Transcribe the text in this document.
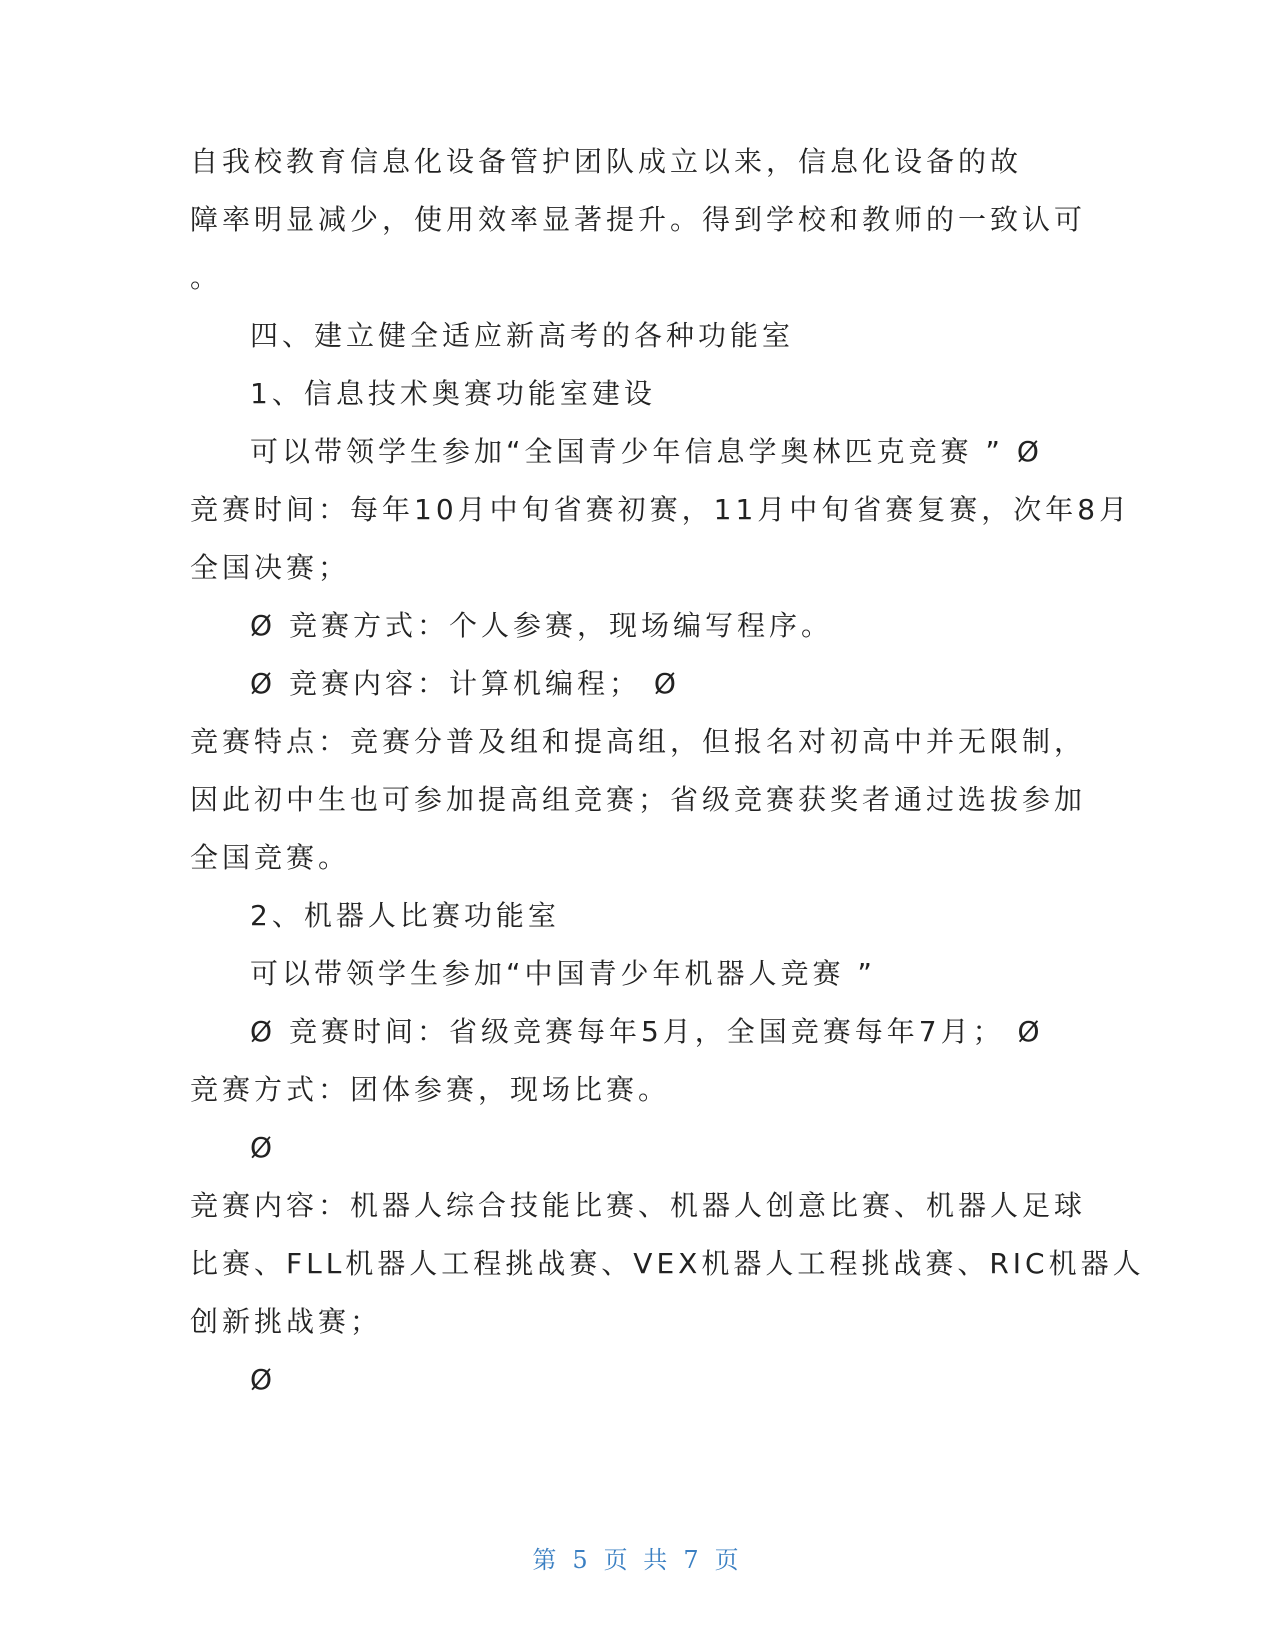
自我校教育信息化设备管护团队成立以来，信息化设备的故
障率明显减少，使用效率显著提升。得到学校和教师的一致认可
。
四、建立健全适应新高考的各种功能室
1、信息技术奥赛功能室建设
可以带领学生参加“全国青少年信息学奥林匹克竞赛 ” Ø
竞赛时间：每年10月中旬省赛初赛，11月中旬省赛复赛，次年8月
全国决赛；
Ø 竞赛方式：个人参赛，现场编写程序。
Ø 竞赛内容：计算机编程； Ø
竞赛特点：竞赛分普及组和提高组，但报名对初高中并无限制，
因此初中生也可参加提高组竞赛；省级竞赛获奖者通过选拔参加
全国竞赛。
2、机器人比赛功能室
可以带领学生参加“中国青少年机器人竞赛 ”
Ø 竞赛时间：省级竞赛每年5月，全国竞赛每年7月； Ø
竞赛方式：团体参赛，现场比赛。
Ø
竞赛内容：机器人综合技能比赛、机器人创意比赛、机器人足球
比赛、FLL机器人工程挑战赛、VEX机器人工程挑战赛、RIC机器人
创新挑战赛；
Ø
第 5 页 共 7 页
